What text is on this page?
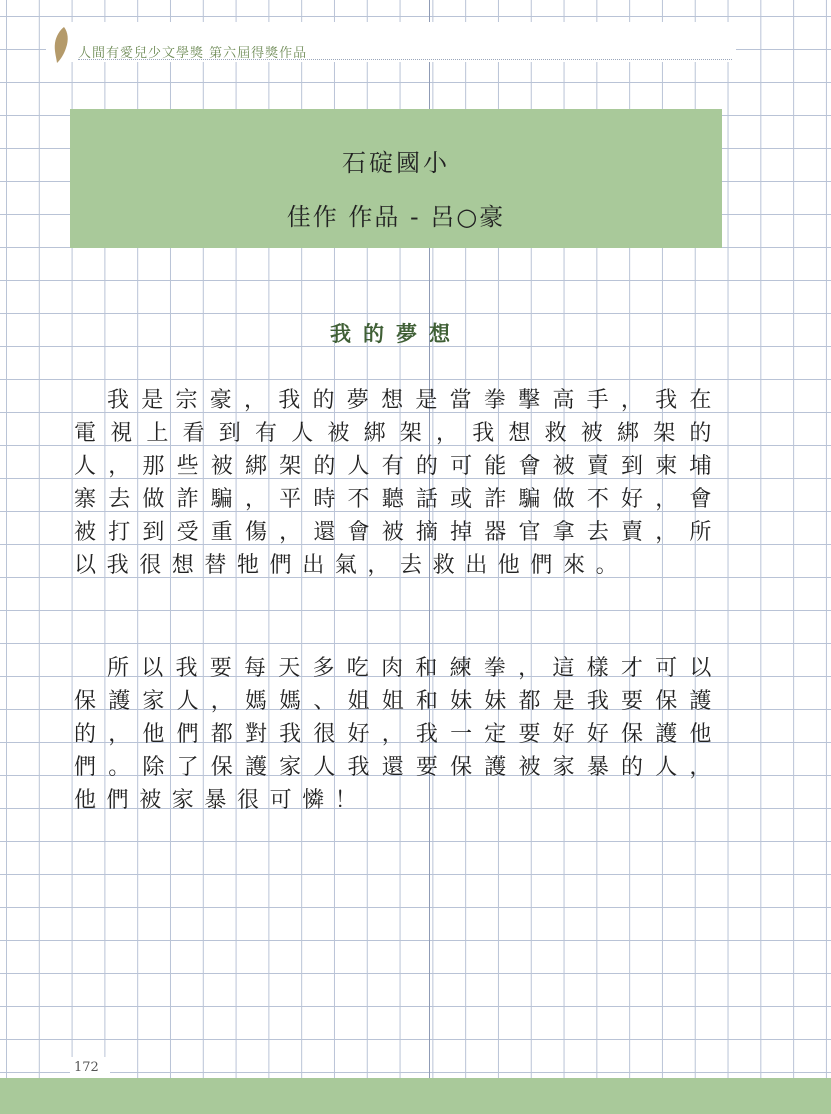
人間有愛兒少文學獎 第六屆得獎作品
石碇國小
佳作 作品 - 呂○豪
我的夢想
我是宗豪，我的夢想是當拳擊高手，我在電視上看到有人被綁架，我想救被綁架的人，那些被綁架的人有的可能會被賣到柬埔寨去做詐騙，平時不聽話或詐騙做不好，會被打到受重傷，還會被摘掉器官拿去賣，所以我很想替牠們出氣，去救出他們來。
所以我要每天多吃肉和練拳，這樣才可以保護家人，媽媽、姐姐和妹妹都是我要保護的，他們都對我很好，我一定要好好保護他們。除了保護家人我還要保護被家暴的人，他們被家暴很可憐！
172
